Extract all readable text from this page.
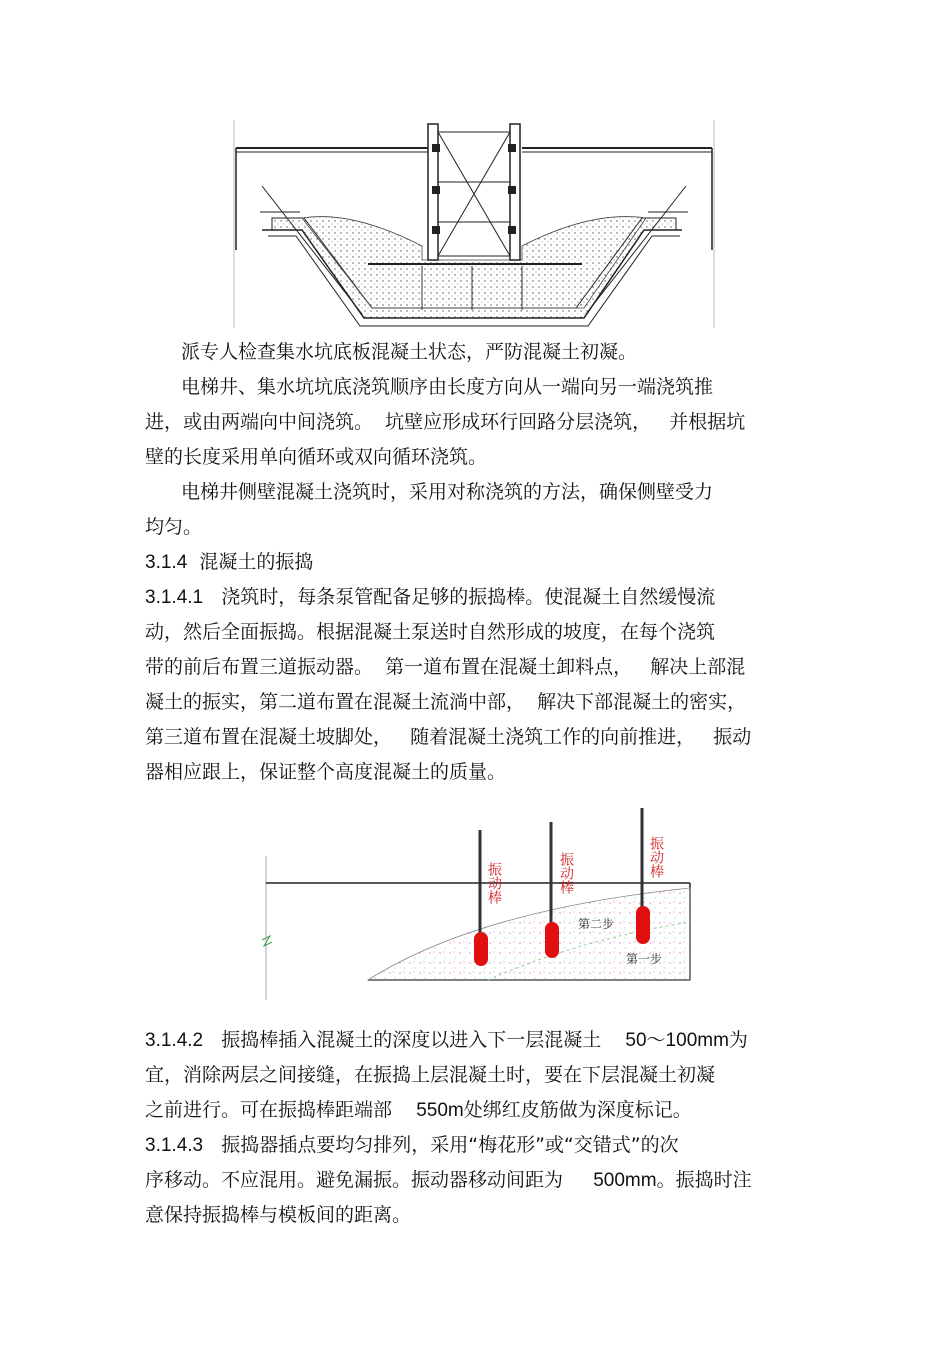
派专人检查集水坑底板混凝土状态，严防混凝土初凝。
电梯井、集水坑坑底浇筑顺序由长度方向从一端向另一端浇筑推
进，或由两端向中间浇筑。  坑壁应形成环行回路分层浇筑，   并根据坑
壁的长度采用单向循环或双向循环浇筑。
电梯井侧壁混凝土浇筑时，采用对称浇筑的方法，确保侧壁受力
均匀。
3.1.4 混凝土的振捣
3.1.4.1 浇筑时，每条泵管配备足够的振捣棒。使混凝土自然缓慢流
动，然后全面振捣。根据混凝土泵送时自然形成的坡度，在每个浇筑
带的前后布置三道振动器。  第一道布置在混凝土卸料点，   解决上部混
凝土的振实，第二道布置在混凝土流淌中部，  解决下部混凝土的密实，
第三道布置在混凝土坡脚处，   随着混凝土浇筑工作的向前推进，   振动
器相应跟上，保证整个高度混凝土的质量。
振动棒	振动棒	振动棒
第二步
第一步
3.1.4.2 振捣棒插入混凝土的深度以进入下一层混凝土 50～100mm为
宜，消除两层之间接缝，在振捣上层混凝土时，要在下层混凝土初凝
之前进行。可在振捣棒距端部 550m处绑红皮筋做为深度标记。
3.1.4.3 振捣器插点要均匀排列，采用“梅花形”或“交错式”的次
序移动。不应混用。避免漏振。振动器移动间距为 500mm。振捣时注
意保持振捣棒与模板间的距离。
